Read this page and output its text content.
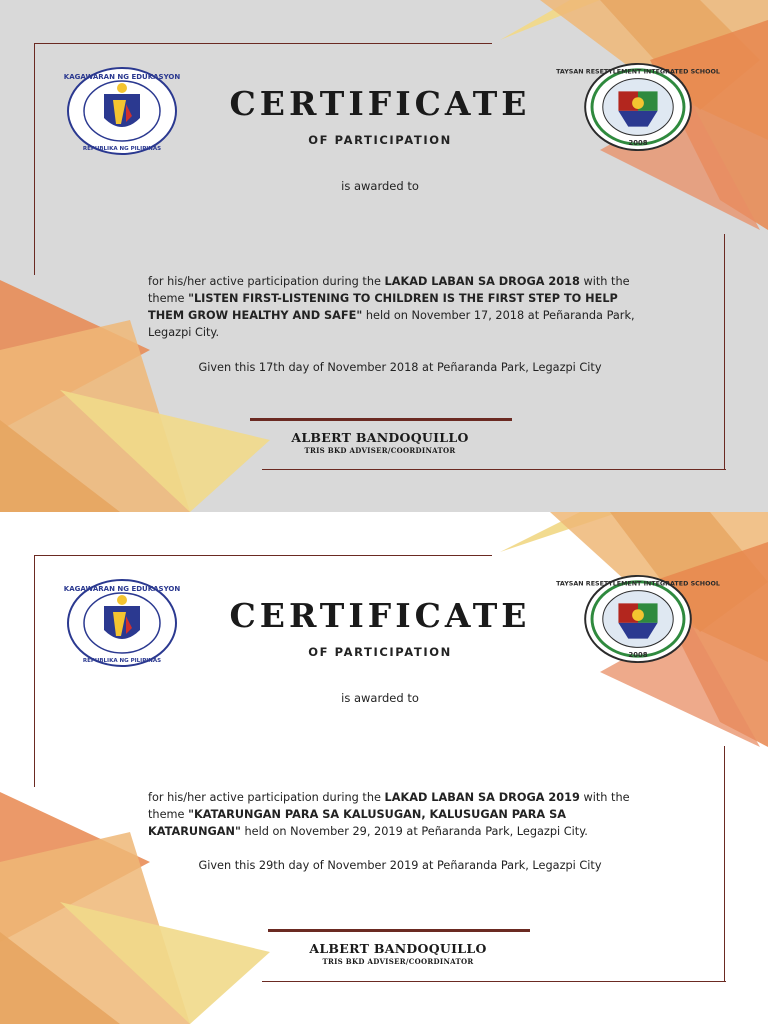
KAGAWARAN NG EDUKASYON
REPUBLIKA NG PILIPINAS
TAYSAN RESETTLEMENT INTEGRATED SCHOOL
2008
CERTIFICATE
OF PARTICIPATION
is awarded to
for his/her active participation during the LAKAD LABAN SA DROGA 2018 with the theme "LISTEN FIRST-LISTENING TO CHILDREN IS THE FIRST STEP TO HELP THEM GROW HEALTHY AND SAFE" held on November 17, 2018 at Peñaranda Park, Legazpi City.
Given this 17th day of November 2018 at Peñaranda Park, Legazpi City
ALBERT BANDOQUILLO
TRIS BKD ADVISER/COORDINATOR
KAGAWARAN NG EDUKASYON
REPUBLIKA NG PILIPINAS
TAYSAN RESETTLEMENT INTEGRATED SCHOOL
2008
CERTIFICATE
OF PARTICIPATION
is awarded to
for his/her active participation during the LAKAD LABAN SA DROGA 2019 with the theme "KATARUNGAN PARA SA KALUSUGAN, KALUSUGAN PARA SA KATARUNGAN" held on November 29, 2019 at Peñaranda Park, Legazpi City.
Given this 29th day of November 2019 at Peñaranda Park, Legazpi City
ALBERT BANDOQUILLO
TRIS BKD ADVISER/COORDINATOR
